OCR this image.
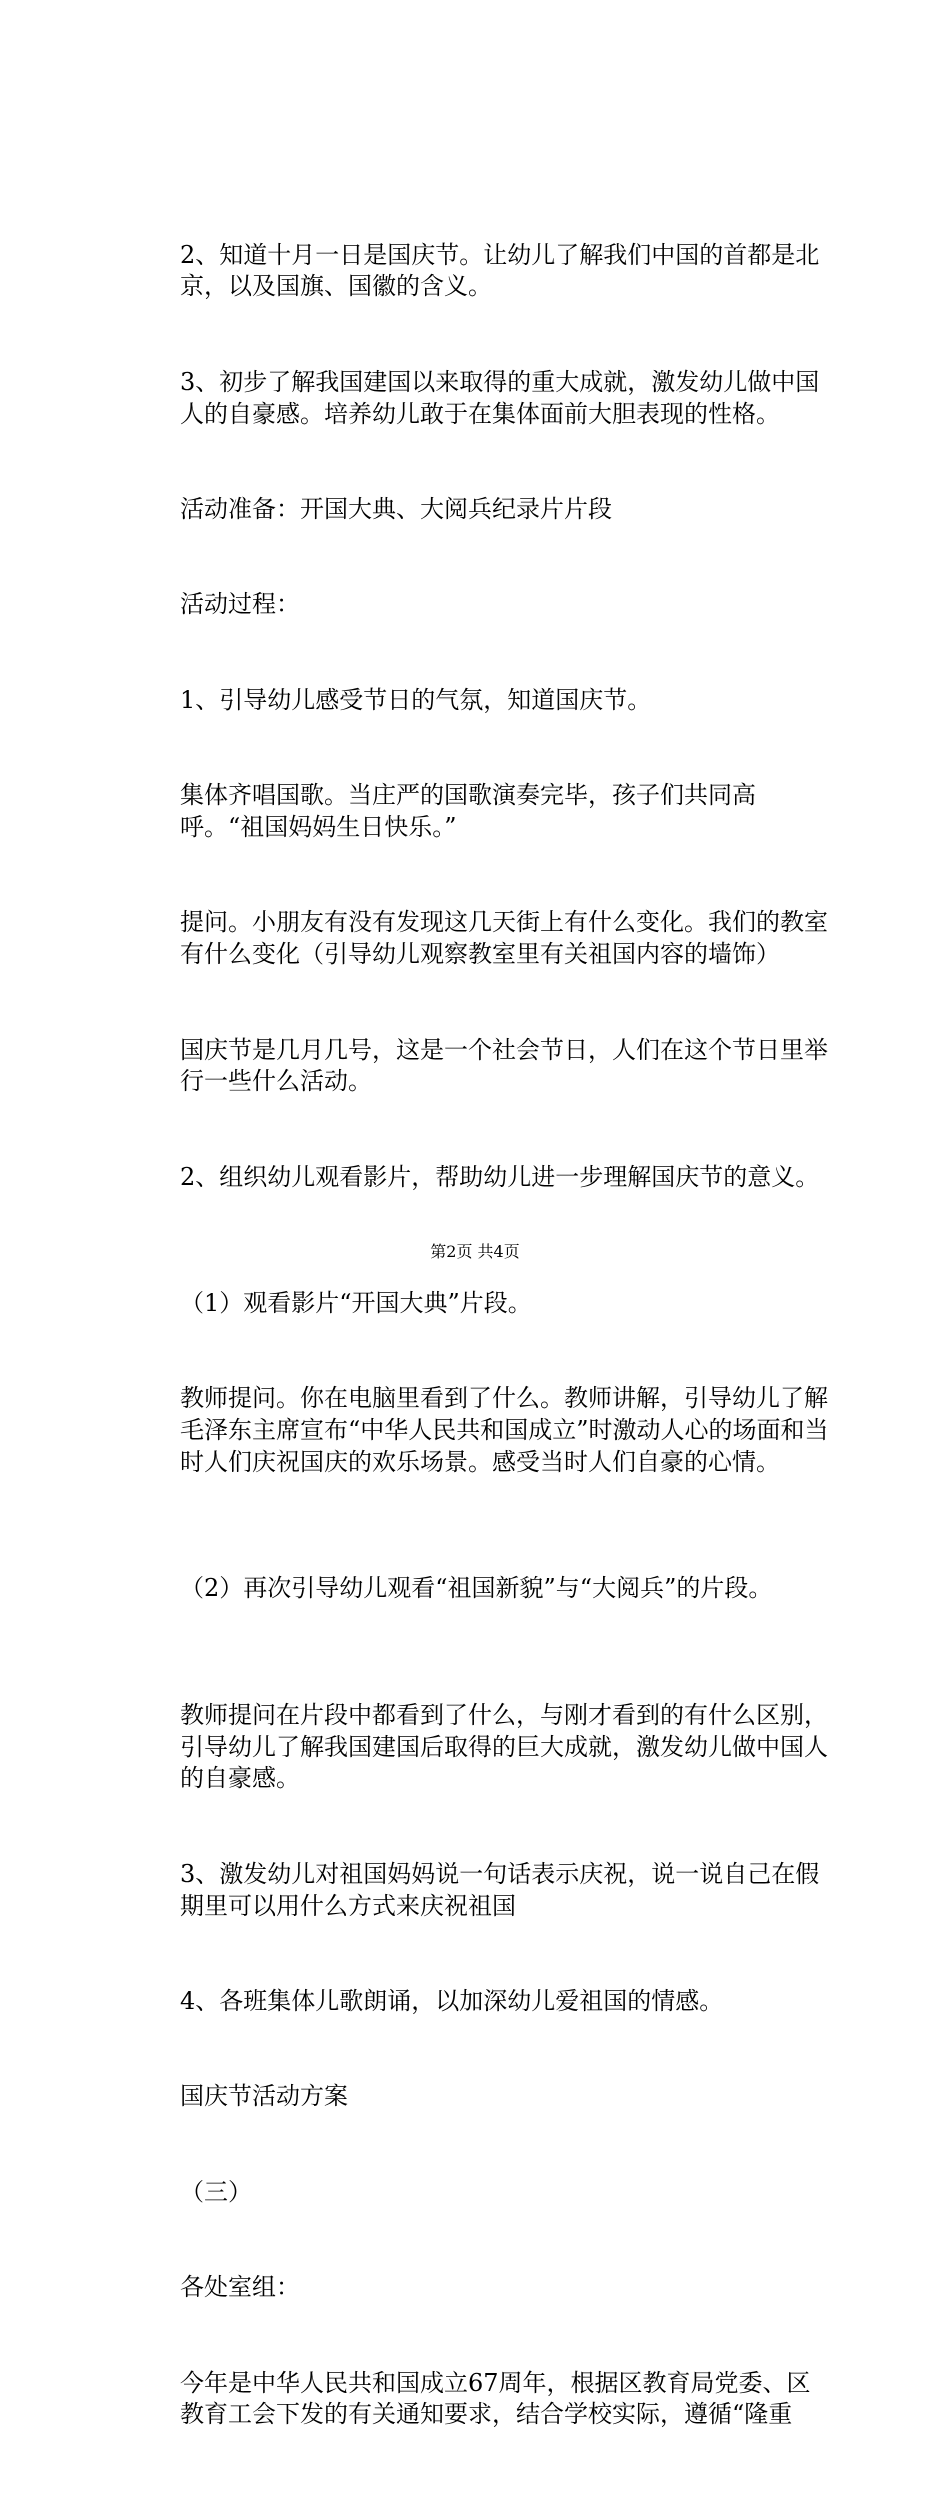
2、知道十月一日是国庆节。让幼儿了解我们中国的首都是北京，以及国旗、国徽的含义。

3、初步了解我国建国以来取得的重大成就，激发幼儿做中国人的自豪感。培养幼儿敢于在集体面前大胆表现的性格。

活动准备：开国大典、大阅兵纪录片片段

活动过程：

1、引导幼儿感受节日的气氛，知道国庆节。

集体齐唱国歌。当庄严的国歌演奏完毕，孩子们共同高呼。“祖国妈妈生日快乐。”

提问。小朋友有没有发现这几天街上有什么变化。我们的教室有什么变化（引导幼儿观察教室里有关祖国内容的墙饰）

国庆节是几月几号，这是一个社会节日，人们在这个节日里举行一些什么活动。

2、组织幼儿观看影片，帮助幼儿进一步理解国庆节的意义。

（1）观看影片“开国大典”片段。

教师提问。你在电脑里看到了什么。教师讲解，引导幼儿了解毛泽东主席宣布“中华人民共和国成立”时激动人心的场面和当时人们庆祝国庆的欢乐场景。感受当时人们自豪的心情。

（2）再次引导幼儿观看“祖国新貌”与“大阅兵”的片段。

教师提问在片段中都看到了什么，与刚才看到的有什么区别，引导幼儿了解我国建国后取得的巨大成就，激发幼儿做中国人的自豪感。

3、激发幼儿对祖国妈妈说一句话表示庆祝，说一说自己在假期里可以用什么方式来庆祝祖国

4、各班集体儿歌朗诵，以加深幼儿爱祖国的情感。

国庆节活动方案

（三）

各处室组：

今年是中华人民共和国成立67周年，根据区教育局党委、区教育工会下发的有关通知要求，结合学校实际，遵循“隆重

第2页 共4页
